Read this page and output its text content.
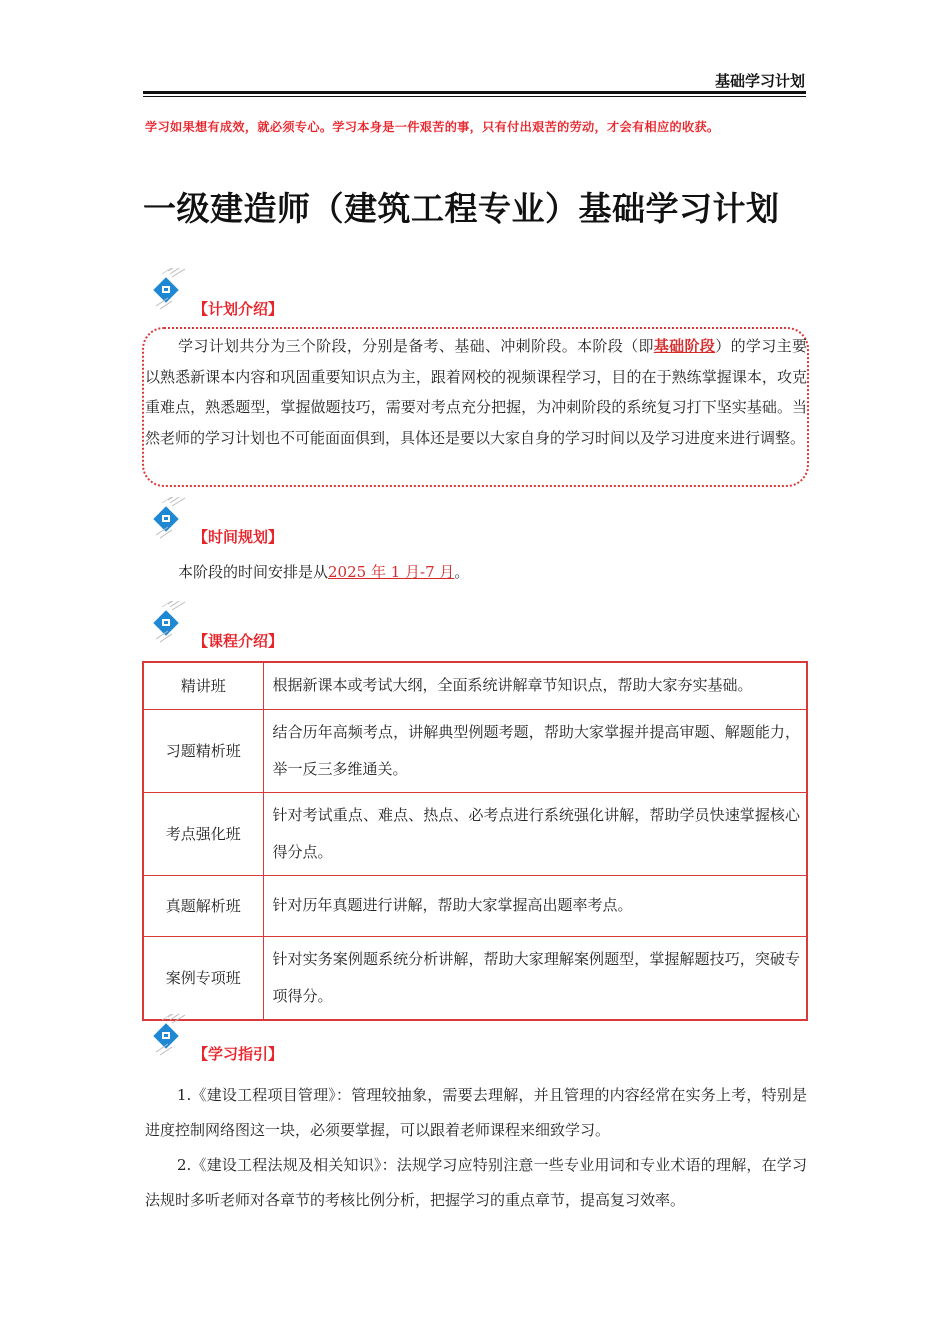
基础学习计划
学习如果想有成效，就必须专心。学习本身是一件艰苦的事，只有付出艰苦的劳动，才会有相应的收获。
一级建造师（建筑工程专业）基础学习计划
【计划介绍】

学习计划共分为三个阶段，分别是备考、基础、冲刺阶段。本阶段（即基础阶段）的学习主要以熟悉新课本内容和巩固重要知识点为主，跟着网校的视频课程学习，目的在于熟练掌握课本，攻克重难点，熟悉题型，掌握做题技巧，需要对考点充分把握，为冲刺阶段的系统复习打下坚实基础。当然老师的学习计划也不可能面面俱到，具体还是要以大家自身的学习时间以及学习进度来进行调整。

【时间规划】

本阶段的时间安排是从2025 年 1 月-7 月。

【课程介绍】
精讲班	根据新课本或考试大纲，全面系统讲解章节知识点，帮助大家夯实基础。
习题精析班	结合历年高频考点，讲解典型例题考题，帮助大家掌握并提高审题、解题能力，举一反三多维通关。
考点强化班	针对考试重点、难点、热点、必考点进行系统强化讲解，帮助学员快速掌握核心得分点。
真题解析班	针对历年真题进行讲解，帮助大家掌握高出题率考点。
案例专项班	针对实务案例题系统分析讲解，帮助大家理解案例题型，掌握解题技巧，突破专项得分。
【学习指引】

1.《建设工程项目管理》：管理较抽象，需要去理解，并且管理的内容经常在实务上考，特别是进度控制网络图这一块，必须要掌握，可以跟着老师课程来细致学习。

2.《建设工程法规及相关知识》：法规学习应特别注意一些专业用词和专业术语的理解，在学习法规时多听老师对各章节的考核比例分析，把握学习的重点章节，提高复习效率。
